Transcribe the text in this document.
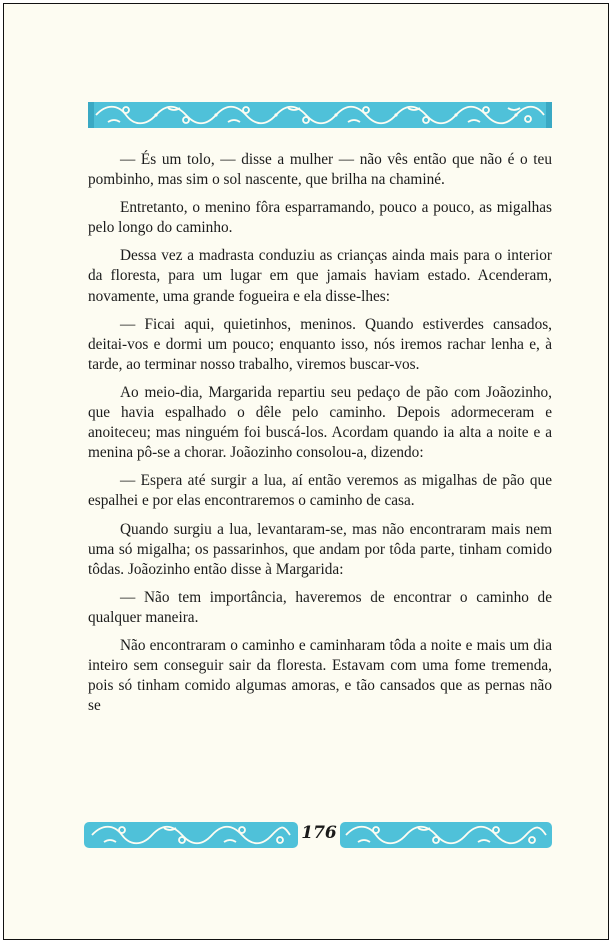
— És um tolo, — disse a mulher — não vês então que não é o teu pombinho, mas sim o sol nascente, que brilha na chaminé.

Entretanto, o menino fôra esparramando, pouco a pouco, as migalhas pelo longo do caminho.

Dessa vez a madrasta conduziu as crianças ainda mais para o interior da floresta, para um lugar em que jamais haviam estado. Acenderam, novamente, uma grande fogueira e ela disse-lhes:

— Ficai aqui, quietinhos, meninos. Quando estiverdes cansados, deitai-vos e dormi um pouco; enquanto isso, nós iremos rachar lenha e, à tarde, ao terminar nosso trabalho, viremos buscar-vos.

Ao meio-dia, Margarida repartiu seu pedaço de pão com Joãozinho, que havia espalhado o dêle pelo caminho. Depois adormeceram e anoiteceu; mas ninguém foi buscá-los. Acordam quando ia alta a noite e a menina pô-se a chorar. Joãozinho consolou-a, dizendo:

— Espera até surgir a lua, aí então veremos as migalhas de pão que espalhei e por elas encontraremos o caminho de casa.

Quando surgiu a lua, levantaram-se, mas não encontraram mais nem uma só migalha; os passarinhos, que andam por tôda parte, tinham comido tôdas. Joãozinho então disse à Margarida:

— Não tem importância, haveremos de encontrar o caminho de qualquer maneira.

Não encontraram o caminho e caminharam tôda a noite e mais um dia inteiro sem conseguir sair da floresta. Estavam com uma fome tremenda, pois só tinham comido algumas amoras, e tão cansados que as pernas não se

176
